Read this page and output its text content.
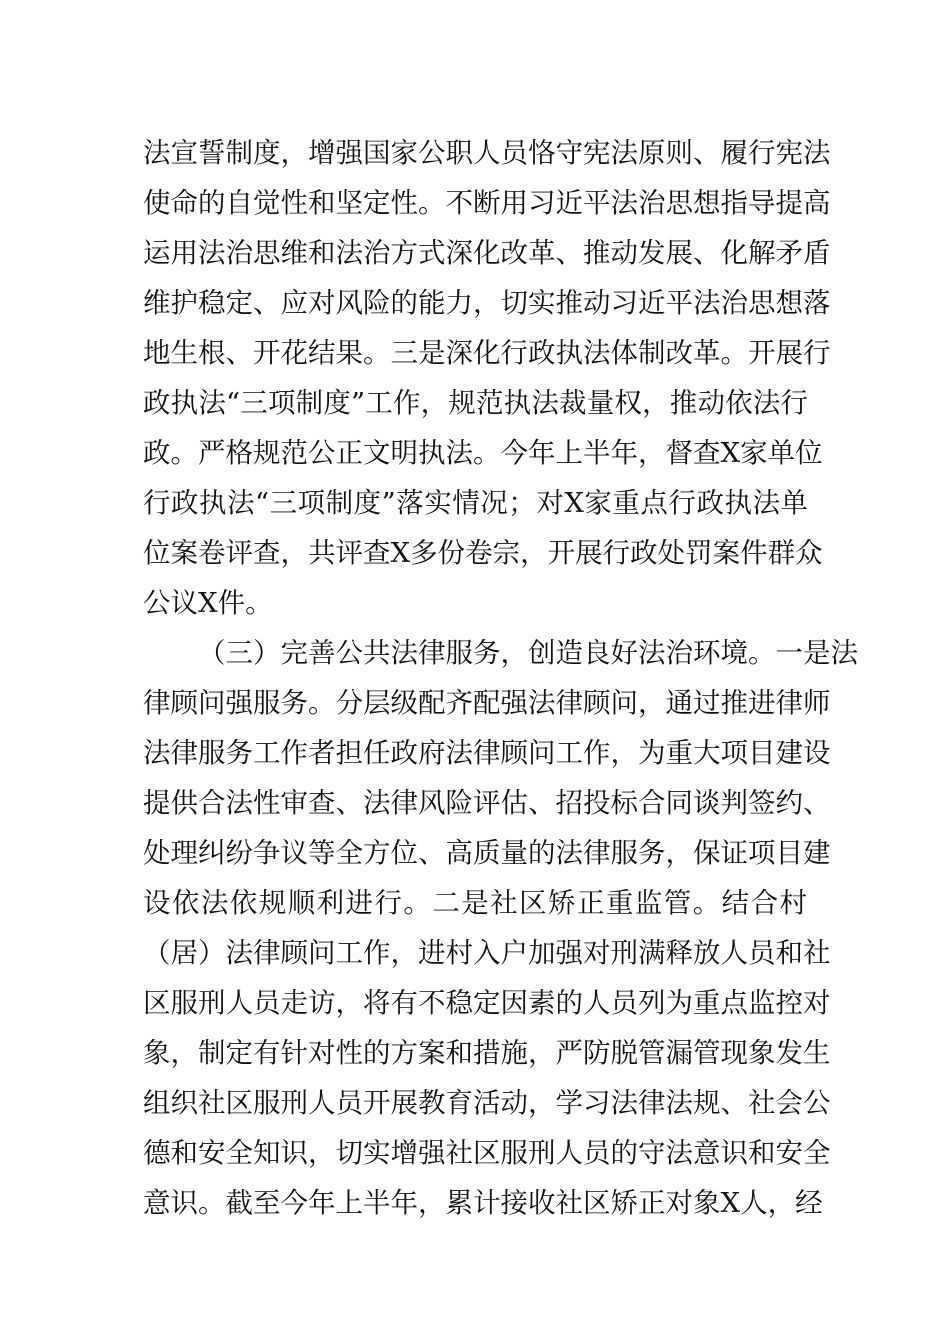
法宣誓制度，增强国家公职人员恪守宪法原则、履行宪法
使命的自觉性和坚定性。不断用习近平法治思想指导提高
运用法治思维和法治方式深化改革、推动发展、化解矛盾
维护稳定、应对风险的能力，切实推动习近平法治思想落
地生根、开花结果。三是深化行政执法体制改革。开展行
政执法“三项制度”工作，规范执法裁量权，推动依法行
政。严格规范公正文明执法。今年上半年，督查X家单位
行政执法“三项制度”落实情况；对X家重点行政执法单
位案卷评查，共评查X多份卷宗，开展行政处罚案件群众
公议X件。
（三）完善公共法律服务，创造良好法治环境。一是法
律顾问强服务。分层级配齐配强法律顾问，通过推进律师
法律服务工作者担任政府法律顾问工作，为重大项目建设
提供合法性审查、法律风险评估、招投标合同谈判签约、
处理纠纷争议等全方位、高质量的法律服务，保证项目建
设依法依规顺利进行。二是社区矫正重监管。结合村
（居）法律顾问工作，进村入户加强对刑满释放人员和社
区服刑人员走访，将有不稳定因素的人员列为重点监控对
象，制定有针对性的方案和措施，严防脱管漏管现象发生
组织社区服刑人员开展教育活动，学习法律法规、社会公
德和安全知识，切实增强社区服刑人员的守法意识和安全
意识。截至今年上半年，累计接收社区矫正对象X人，经
